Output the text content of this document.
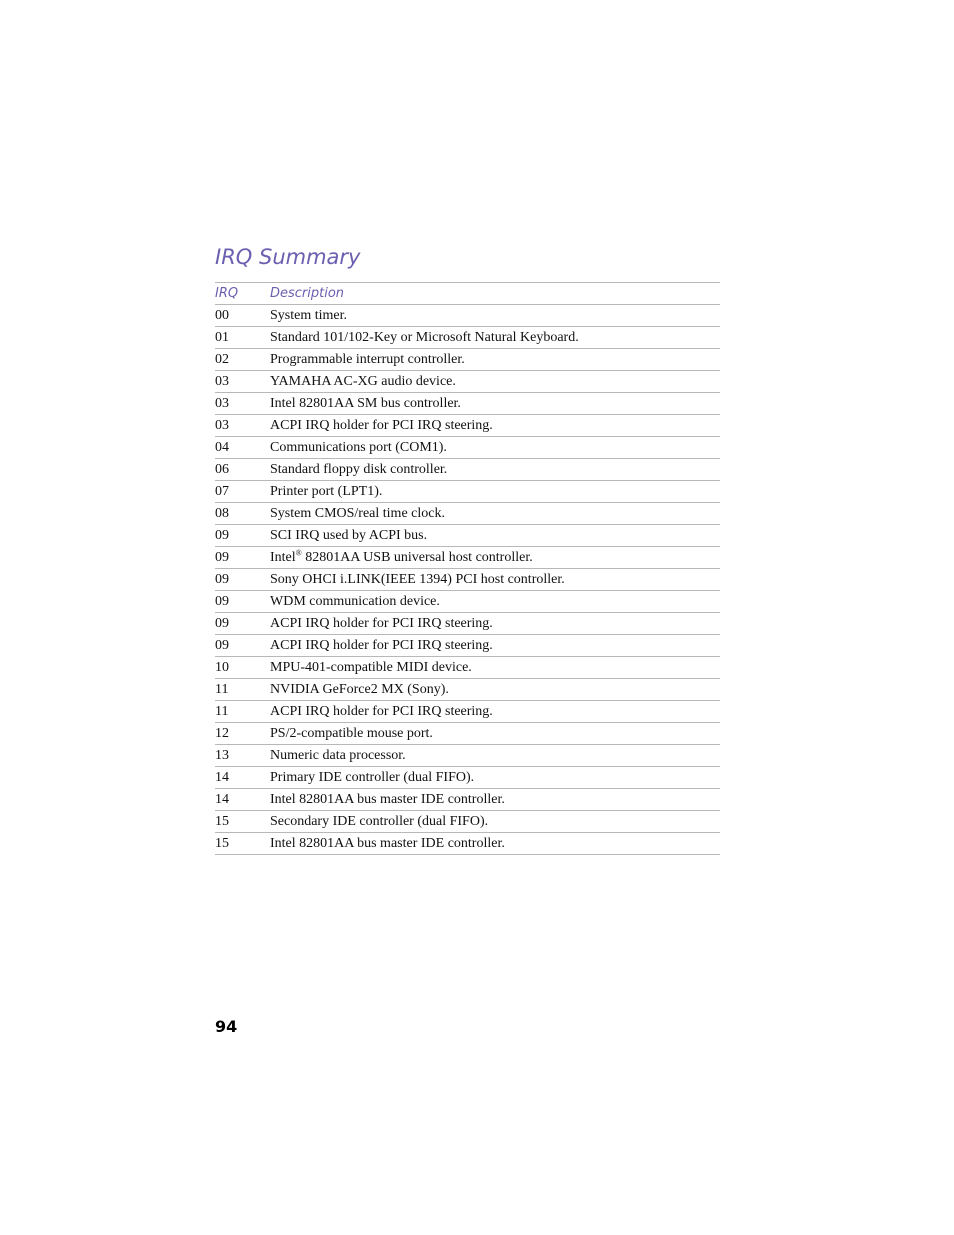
IRQ Summary
IRQ	Description
00	System timer.
01	Standard 101/102-Key or Microsoft Natural Keyboard.
02	Programmable interrupt controller.
03	YAMAHA AC-XG audio device.
03	Intel 82801AA SM bus controller.
03	ACPI IRQ holder for PCI IRQ steering.
04	Communications port (COM1).
06	Standard floppy disk controller.
07	Printer port (LPT1).
08	System CMOS/real time clock.
09	SCI IRQ used by ACPI bus.
09	Intel® 82801AA USB universal host controller.
09	Sony OHCI i.LINK(IEEE 1394) PCI host controller.
09	WDM communication device.
09	ACPI IRQ holder for PCI IRQ steering.
09	ACPI IRQ holder for PCI IRQ steering.
10	MPU-401-compatible MIDI device.
11	NVIDIA GeForce2 MX (Sony).
11	ACPI IRQ holder for PCI IRQ steering.
12	PS/2-compatible mouse port.
13	Numeric data processor.
14	Primary IDE controller (dual FIFO).
14	Intel 82801AA bus master IDE controller.
15	Secondary IDE controller (dual FIFO).
15	Intel 82801AA bus master IDE controller.
94
